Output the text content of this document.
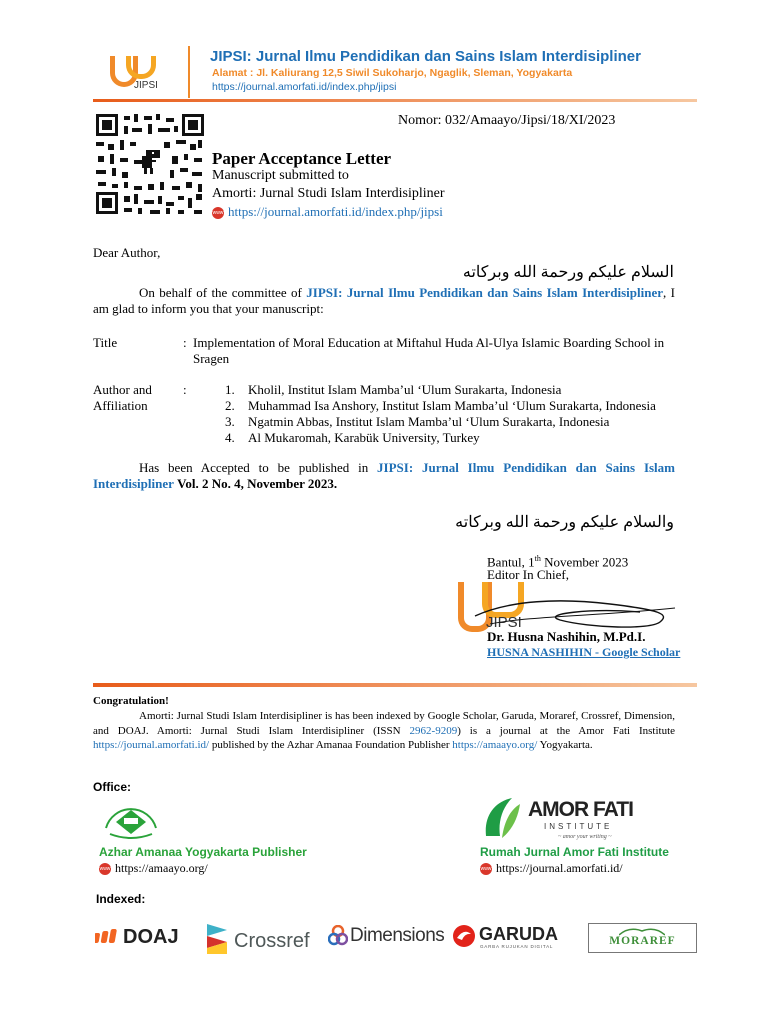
JIPSI
JIPSI: Jurnal Ilmu Pendidikan dan Sains Islam Interdisipliner
Alamat : Jl. Kaliurang 12,5 Siwil Sukoharjo, Ngaglik, Sleman, Yogyakarta
https://journal.amorfati.id/index.php/jipsi
Nomor: 032/Amaayo/Jipsi/18/XI/2023
Paper Acceptance Letter
Manuscript submitted to
Amorti: Jurnal Studi Islam Interdisipliner
www https://journal.amorfati.id/index.php/jipsi
Dear Author,
السلام عليكم ورحمة الله وبركاته
On behalf of the committee of JIPSI: Jurnal Ilmu Pendidikan dan Sains Islam Interdisipliner, I am glad to inform you that your manuscript:
Title	: Implementation of Moral Education at Miftahul Huda Al-Ulya Islamic Boarding School in Sragen
Author and
Affiliation
:	1. Kholil, Institut Islam Mamba’ul ‘Ulum Surakarta, Indonesia
2. Muhammad Isa Anshory, Institut Islam Mamba’ul ‘Ulum Surakarta, Indonesia
3. Ngatmin Abbas, Institut Islam Mamba’ul ‘Ulum Surakarta, Indonesia
4. Al Mukaromah, Karabük University, Turkey
Has been Accepted to be published in JIPSI: Jurnal Ilmu Pendidikan dan Sains Islam Interdisipliner Vol. 2 No. 4, November 2023.
والسلام عليكم ورحمة الله وبركاته
Bantul, 1th November 2023
Editor In Chief,
JIPSI
Dr. Husna Nashihin, M.Pd.I.
HUSNA NASHIHIN - Google Scholar
Congratulation!
Amorti: Jurnal Studi Islam Interdisipliner is has been indexed by Google Scholar, Garuda, Moraref, Crossref, Dimension, and DOAJ. Amorti: Jurnal Studi Islam Interdisipliner (ISSN 2962-9209) is a journal at the Amor Fati Institute https://journal.amorfati.id/ published by the Azhar Amanaa Foundation Publisher https://amaayo.org/ Yogyakarta.
Office:
Azhar Amanaa Yogyakarta Publisher
www https://amaayo.org/
AMOR FATI
INSTITUTE
~ amor your writing ~
Rumah Jurnal Amor Fati Institute
www https://journal.amorfati.id/
Indexed:
DOAJ	Crossref Dimensions GARUDA
GARBA RUJUKAN DIGITAL	MORAREF
